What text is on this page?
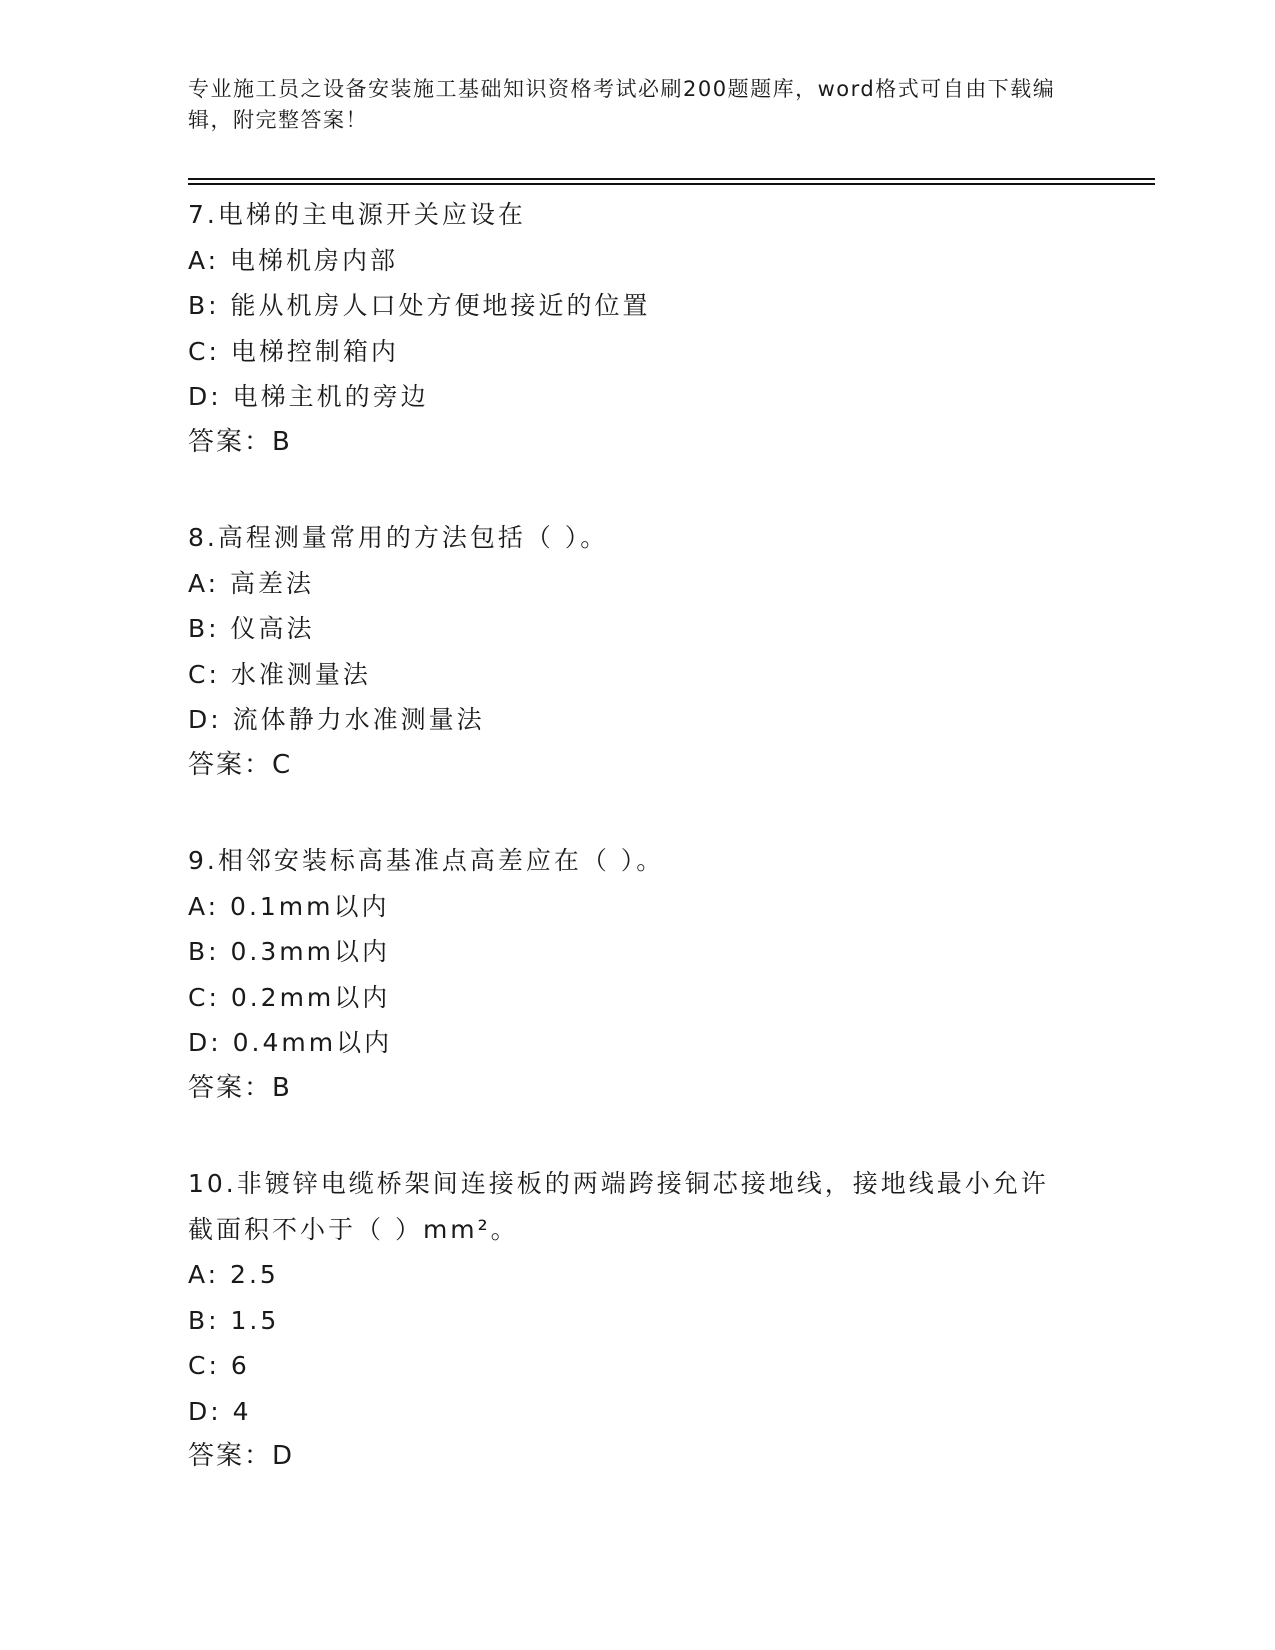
专业施工员之设备安装施工基础知识资格考试必刷200题题库，word格式可自由下载编辑，附完整答案！
7.电梯的主电源开关应设在
A: 电梯机房内部
B: 能从机房人口处方便地接近的位置
C: 电梯控制箱内
D: 电梯主机的旁边
答案：B
8.高程测量常用的方法包括（ ）。
A: 高差法
B: 仪高法
C: 水准测量法
D: 流体静力水准测量法
答案：C
9.相邻安装标高基准点高差应在（ ）。
A: 0.1mm以内
B: 0.3mm以内
C: 0.2mm以内
D: 0.4mm以内
答案：B
10.非镀锌电缆桥架间连接板的两端跨接铜芯接地线，接地线最小允许
截面积不小于（ ）mm²。
A: 2.5
B: 1.5
C: 6
D: 4
答案：D
